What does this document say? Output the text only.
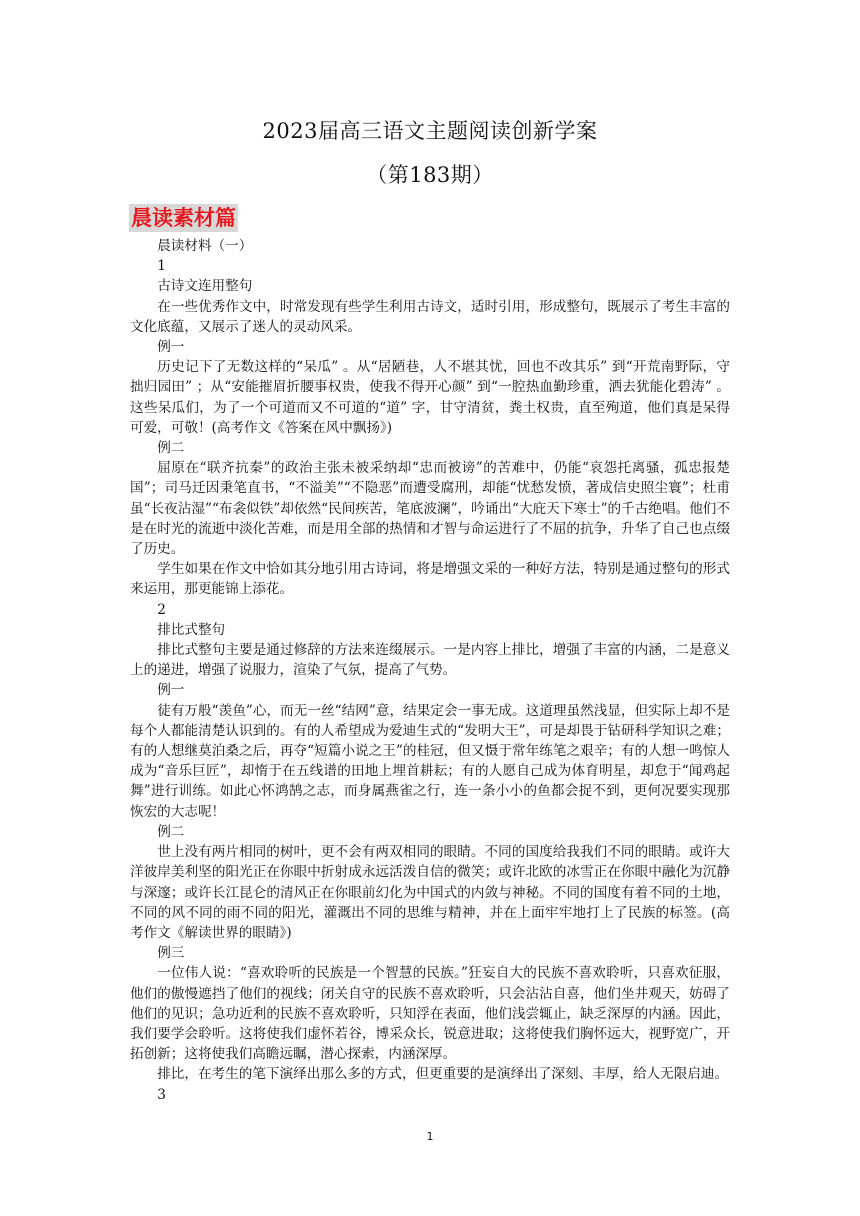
2023届高三语文主题阅读创新学案
（第183期）
晨读素材篇

晨读材料（一）

1

古诗文连用整句

在一些优秀作文中，时常发现有些学生利用古诗文，适时引用，形成整句，既展示了考生丰富的文化底蕴，又展示了迷人的灵动风采。

例一

历史记下了无数这样的“呆瓜” 。从“居陋巷，人不堪其忧，回也不改其乐” 到“开荒南野际，守拙归园田” ；从“安能摧眉折腰事权贵，使我不得开心颜” 到“一腔热血勤珍重，洒去犹能化碧涛” 。这些呆瓜们，为了一个可道而又不可道的“道” 字，甘守清贫，粪土权贵，直至殉道，他们真是呆得可爱，可敬！(高考作文《答案在风中飘扬》)

例二

屈原在“联齐抗秦”的政治主张未被采纳却“忠而被谤”的苦难中，仍能“哀怨托离骚，孤忠报楚国”；司马迁因秉笔直书，“不溢美”“不隐恶”而遭受腐刑，却能“忧愁发愤，著成信史照尘寰”；杜甫虽“长夜沾湿”“布衾似铁”却依然“民间疾苦，笔底波澜”，吟诵出“大庇天下寒士”的千古绝唱。他们不是在时光的流逝中淡化苦难，而是用全部的热情和才智与命运进行了不屈的抗争，升华了自己也点缀了历史。

学生如果在作文中恰如其分地引用古诗词，将是增强文采的一种好方法，特别是通过整句的形式来运用，那更能锦上添花。

2

排比式整句

排比式整句主要是通过修辞的方法来连缀展示。一是内容上排比，增强了丰富的内涵，二是意义上的递进，增强了说服力，渲染了气氛，提高了气势。

例一

徒有万般“羡鱼”心，而无一丝“结网”意，结果定会一事无成。这道理虽然浅显，但实际上却不是每个人都能清楚认识到的。有的人希望成为爱迪生式的“发明大王”，可是却畏于钻研科学知识之难；有的人想继莫泊桑之后，再夺“短篇小说之王”的桂冠，但又慑于常年练笔之艰辛；有的人想一鸣惊人成为“音乐巨匠”，却惰于在五线谱的田地上埋首耕耘；有的人愿自己成为体育明星，却怠于“闻鸡起舞”进行训练。如此心怀鸿鹄之志，而身属燕雀之行，连一条小小的鱼都会捉不到，更何况要实现那恢宏的大志呢！

例二

世上没有两片相同的树叶，更不会有两双相同的眼睛。不同的国度给我我们不同的眼睛。或许大洋彼岸美利坚的阳光正在你眼中折射成永远活泼自信的微笑；或许北欧的冰雪正在你眼中融化为沉静与深邃；或许长江昆仑的清风正在你眼前幻化为中国式的内敛与神秘。不同的国度有着不同的土地，不同的风不同的雨不同的阳光，灌溉出不同的思维与精神，并在上面牢牢地打上了民族的标签。(高考作文《解读世界的眼睛》)

例三

一位伟人说：“喜欢聆听的民族是一个智慧的民族。”狂妄自大的民族不喜欢聆听，只喜欢征服，他们的傲慢遮挡了他们的视线；闭关自守的民族不喜欢聆听，只会沾沾自喜，他们坐井观天，妨碍了他们的见识；急功近利的民族不喜欢聆听，只知浮在表面，他们浅尝辄止，缺乏深厚的内涵。因此，我们要学会聆听。这将使我们虚怀若谷，博采众长，锐意进取；这将使我们胸怀远大，视野宽广，开拓创新；这将使我们高瞻远瞩，潜心探索，内涵深厚。

排比，在考生的笔下演绎出那么多的方式，但更重要的是演绎出了深刻、丰厚，给人无限启迪。

3

1
